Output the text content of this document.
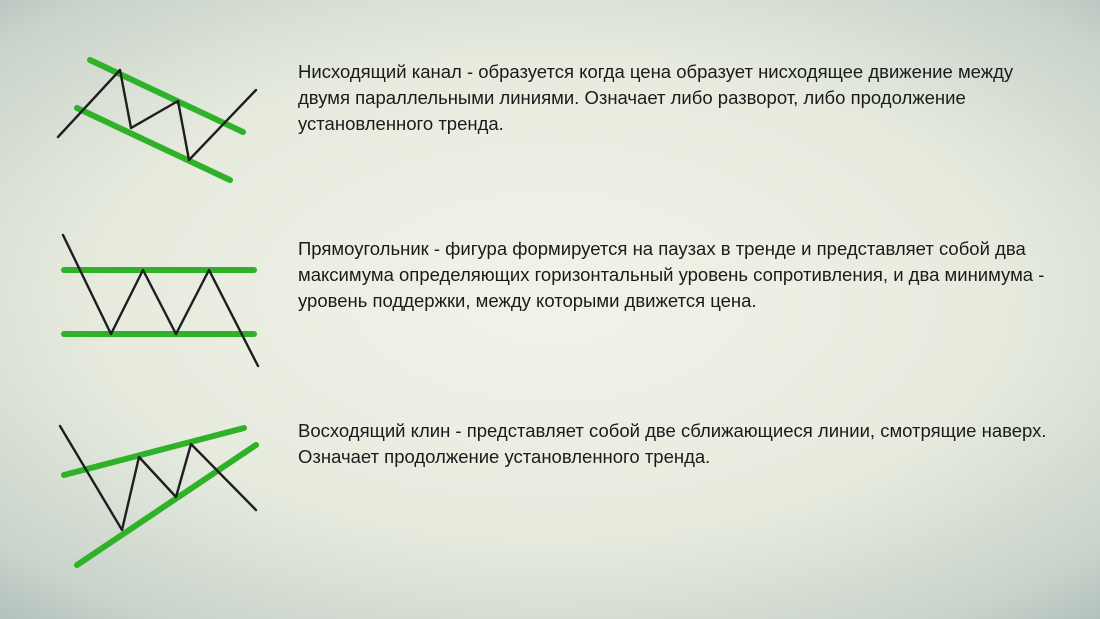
Нисходящий канал - образуется когда цена образует нисходящее движение между двумя параллельными линиями. Означает либо разворот, либо продолжение установленного тренда.

Прямоугольник - фигура формируется на паузах в тренде и представляет собой два максимума определяющих горизонтальный уровень сопротивления, и два минимума - уровень поддержки, между которыми движется цена.

Восходящий клин - представляет собой две сближающиеся линии, смотрящие наверх. Означает продолжение установленного тренда.
